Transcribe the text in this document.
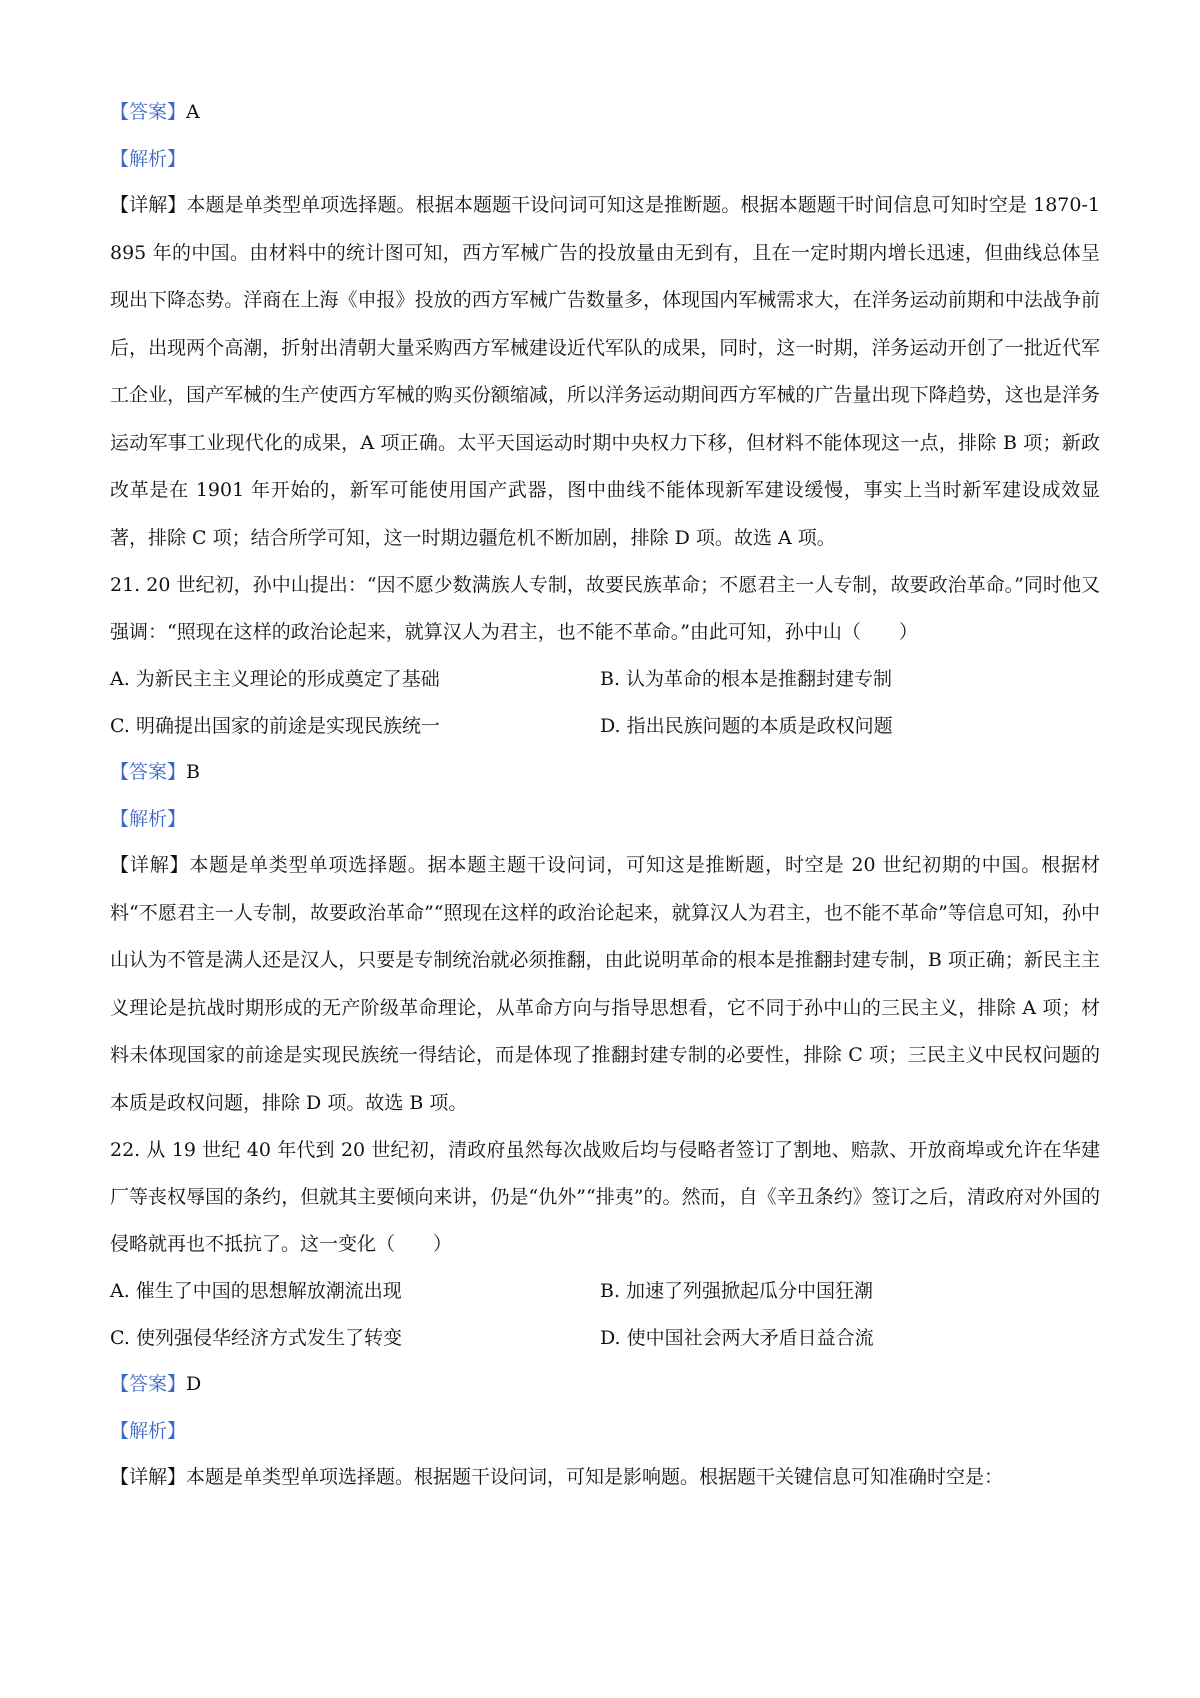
【答案】A
【解析】

【详解】本题是单类型单项选择题。根据本题题干设问词可知这是推断题。根据本题题干时间信息可知时空是 1870-1895 年的中国。由材料中的统计图可知，西方军械广告的投放量由无到有，且在一定时期内增长迅速，但曲线总体呈现出下降态势。洋商在上海《申报》投放的西方军械广告数量多，体现国内军械需求大，在洋务运动前期和中法战争前后，出现两个高潮，折射出清朝大量采购西方军械建设近代军队的成果，同时，这一时期，洋务运动开创了一批近代军工企业，国产军械的生产使西方军械的购买份额缩减，所以洋务运动期间西方军械的广告量出现下降趋势，这也是洋务运动军事工业现代化的成果，A 项正确。太平天国运动时期中央权力下移，但材料不能体现这一点，排除 B 项；新政改革是在 1901 年开始的，新军可能使用国产武器，图中曲线不能体现新军建设缓慢，事实上当时新军建设成效显著，排除 C 项；结合所学可知，这一时期边疆危机不断加剧，排除 D 项。故选 A 项。

21. 20 世纪初，孙中山提出：“因不愿少数满族人专制，故要民族革命；不愿君主一人专制，故要政治革命。”同时他又强调：“照现在这样的政治论起来，就算汉人为君主，也不能不革命。”由此可知，孙中山（　　）

A. 为新民主主义理论的形成奠定了基础	B. 认为革命的根本是推翻封建专制
C. 明确提出国家的前途是实现民族统一	D. 指出民族问题的本质是政权问题
【答案】B
【解析】

【详解】本题是单类型单项选择题。据本题主题干设问词，可知这是推断题，时空是 20 世纪初期的中国。根据材料“不愿君主一人专制，故要政治革命”“照现在这样的政治论起来，就算汉人为君主，也不能不革命”等信息可知，孙中山认为不管是满人还是汉人，只要是专制统治就必须推翻，由此说明革命的根本是推翻封建专制，B 项正确；新民主主义理论是抗战时期形成的无产阶级革命理论，从革命方向与指导思想看，它不同于孙中山的三民主义，排除 A 项；材料未体现国家的前途是实现民族统一得结论，而是体现了推翻封建专制的必要性，排除 C 项；三民主义中民权问题的本质是政权问题，排除 D 项。故选 B 项。

22. 从 19 世纪 40 年代到 20 世纪初，清政府虽然每次战败后均与侵略者签订了割地、赔款、开放商埠或允许在华建厂等丧权辱国的条约，但就其主要倾向来讲，仍是“仇外”“排夷”的。然而，自《辛丑条约》签订之后，清政府对外国的侵略就再也不抵抗了。这一变化（　　）

A. 催生了中国的思想解放潮流出现	B. 加速了列强掀起瓜分中国狂潮
C. 使列强侵华经济方式发生了转变	D. 使中国社会两大矛盾日益合流
【答案】D
【解析】

【详解】本题是单类型单项选择题。根据题干设问词，可知是影响题。根据题干关键信息可知准确时空是：
